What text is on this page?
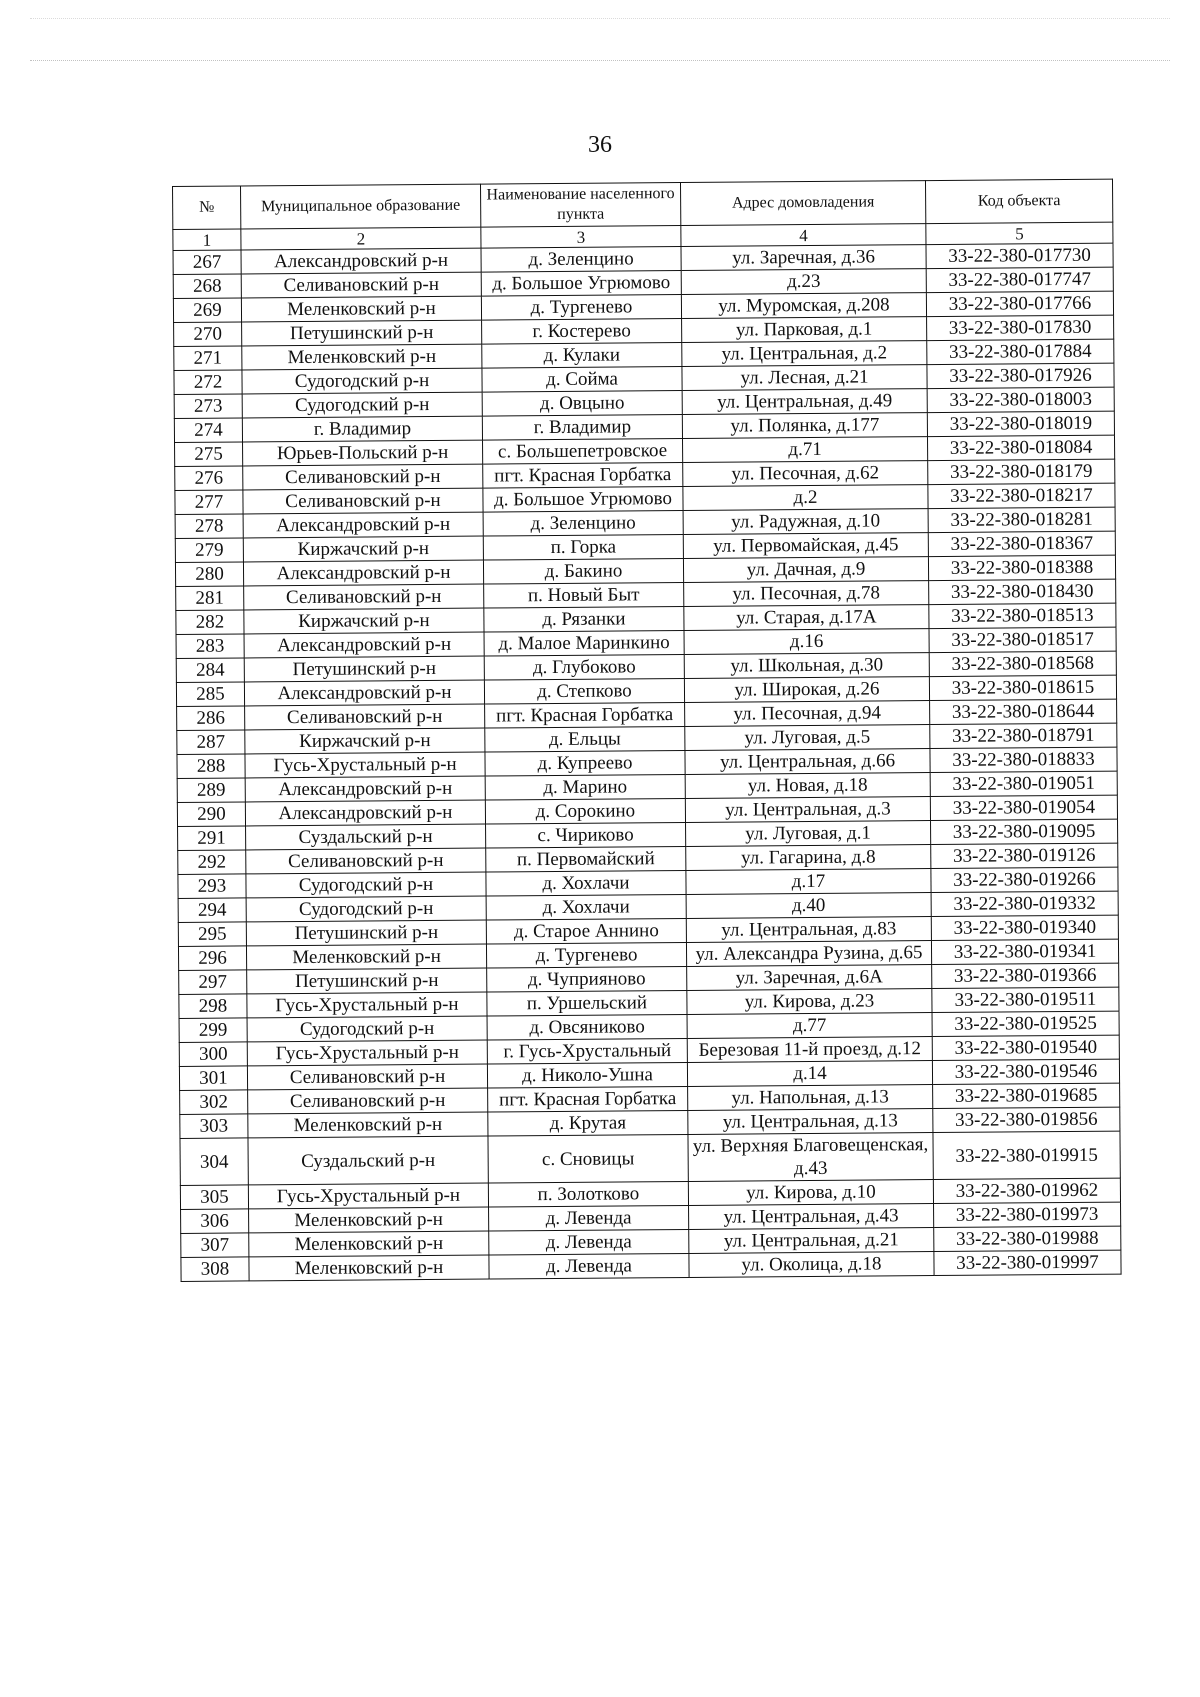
36
№	Муниципальное образование	Наименование населенного пункта	Адрес домовладения	Код объекта
1	2	3	4	5
267	Александровский р-н	д. Зеленцино	ул. Заречная, д.36	33-22-380-017730
268	Селивановский р-н	д. Большое Угрюмово	д.23	33-22-380-017747
269	Меленковский р-н	д. Тургенево	ул. Муромская, д.208	33-22-380-017766
270	Петушинский р-н	г. Костерево	ул. Парковая, д.1	33-22-380-017830
271	Меленковский р-н	д. Кулаки	ул. Центральная, д.2	33-22-380-017884
272	Судогодский р-н	д. Сойма	ул. Лесная, д.21	33-22-380-017926
273	Судогодский р-н	д. Овцыно	ул. Центральная, д.49	33-22-380-018003
274	г. Владимир	г. Владимир	ул. Полянка, д.177	33-22-380-018019
275	Юрьев-Польский р-н	с. Большепетровское	д.71	33-22-380-018084
276	Селивановский р-н	пгт. Красная Горбатка	ул. Песочная, д.62	33-22-380-018179
277	Селивановский р-н	д. Большое Угрюмово	д.2	33-22-380-018217
278	Александровский р-н	д. Зеленцино	ул. Радужная, д.10	33-22-380-018281
279	Киржачский р-н	п. Горка	ул. Первомайская, д.45	33-22-380-018367
280	Александровский р-н	д. Бакино	ул. Дачная, д.9	33-22-380-018388
281	Селивановский р-н	п. Новый Быт	ул. Песочная, д.78	33-22-380-018430
282	Киржачский р-н	д. Рязанки	ул. Старая, д.17А	33-22-380-018513
283	Александровский р-н	д. Малое Маринкино	д.16	33-22-380-018517
284	Петушинский р-н	д. Глубоково	ул. Школьная, д.30	33-22-380-018568
285	Александровский р-н	д. Степково	ул. Широкая, д.26	33-22-380-018615
286	Селивановский р-н	пгт. Красная Горбатка	ул. Песочная, д.94	33-22-380-018644
287	Киржачский р-н	д. Ельцы	ул. Луговая, д.5	33-22-380-018791
288	Гусь-Хрустальный р-н	д. Купреево	ул. Центральная, д.66	33-22-380-018833
289	Александровский р-н	д. Марино	ул. Новая, д.18	33-22-380-019051
290	Александровский р-н	д. Сорокино	ул. Центральная, д.3	33-22-380-019054
291	Суздальский р-н	с. Чириково	ул. Луговая, д.1	33-22-380-019095
292	Селивановский р-н	п. Первомайский	ул. Гагарина, д.8	33-22-380-019126
293	Судогодский р-н	д. Хохлачи	д.17	33-22-380-019266
294	Судогодский р-н	д. Хохлачи	д.40	33-22-380-019332
295	Петушинский р-н	д. Старое Аннино	ул. Центральная, д.83	33-22-380-019340
296	Меленковский р-н	д. Тургенево	ул. Александра Рузина, д.65	33-22-380-019341
297	Петушинский р-н	д. Чуприяново	ул. Заречная, д.6А	33-22-380-019366
298	Гусь-Хрустальный р-н	п. Уршельский	ул. Кирова, д.23	33-22-380-019511
299	Судогодский р-н	д. Овсяниково	д.77	33-22-380-019525
300	Гусь-Хрустальный р-н	г. Гусь-Хрустальный	Березовая 11-й проезд, д.12	33-22-380-019540
301	Селивановский р-н	д. Николо-Ушна	д.14	33-22-380-019546
302	Селивановский р-н	пгт. Красная Горбатка	ул. Напольная, д.13	33-22-380-019685
303	Меленковский р-н	д. Крутая	ул. Центральная, д.13	33-22-380-019856
304	Суздальский р-н	с. Сновицы	ул. Верхняя Благовещенская, д.43	33-22-380-019915
305	Гусь-Хрустальный р-н	п. Золотково	ул. Кирова, д.10	33-22-380-019962
306	Меленковский р-н	д. Левенда	ул. Центральная, д.43	33-22-380-019973
307	Меленковский р-н	д. Левенда	ул. Центральная, д.21	33-22-380-019988
308	Меленковский р-н	д. Левенда	ул. Околица, д.18	33-22-380-019997
